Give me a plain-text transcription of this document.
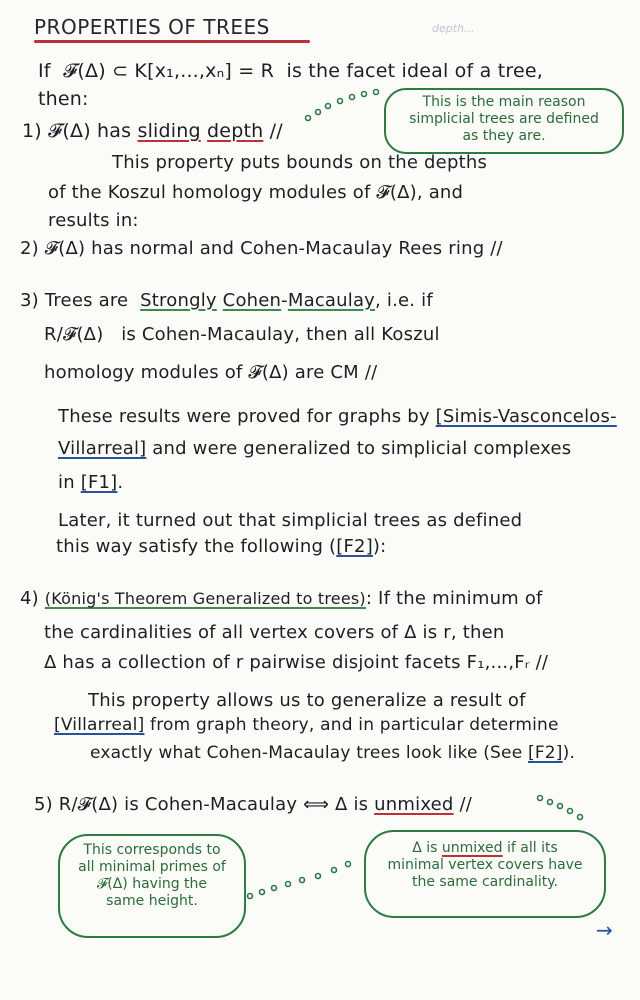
PROPERTIES OF TREES	depth...
If 𝓕(Δ) ⊂ K[x₁,...,xₙ] = R is the facet ideal of a tree,
then:
1) 𝓕(Δ) has sliding depth //
This is the main reason
simplicial trees are defined
as they are.
This property puts bounds on the depths
of the Koszul homology modules of 𝓕(Δ), and
results in:
2) 𝓕(Δ) has normal and Cohen-Macaulay Rees ring //
3) Trees are Strongly Cohen-Macaulay, i.e. if
R/𝓕(Δ) is Cohen-Macaulay, then all Koszul
homology modules of 𝓕(Δ) are CM //
These results were proved for graphs by [Simis-Vasconcelos-
Villarreal] and were generalized to simplicial complexes
in [F1].
Later, it turned out that simplicial trees as defined
this way satisfy the following ([F2]):
4) (König's Theorem Generalized to trees): If the minimum of
the cardinalities of all vertex covers of Δ is r, then
Δ has a collection of r pairwise disjoint facets F₁,...,Fᵣ //
This property allows us to generalize a result of
[Villarreal] from graph theory, and in particular determine
exactly what Cohen-Macaulay trees look like (See [F2]).
5) R/𝓕(Δ) is Cohen-Macaulay ⟺ Δ is unmixed //
This corresponds to
all minimal primes of
𝓕(Δ) having the
same height.
Δ is unmixed if all its
minimal vertex covers have
the same cardinality.
→
